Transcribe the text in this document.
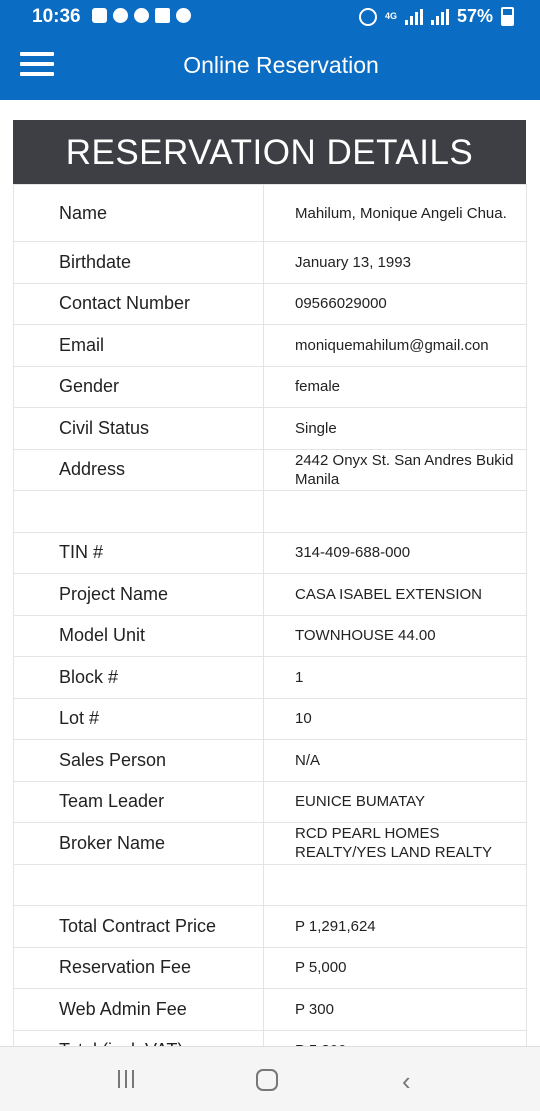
10:36	4G	57%
Online Reservation
RESERVATION DETAILS
Name	Mahilum, Monique Angeli Chua.
Birthdate	January 13, 1993
Contact Number	09566029000
Email	moniquemahilum@gmail.con
Gender	female
Civil Status	Single
Address	2442 Onyx St. San Andres Bukid Manila

TIN #	314-409-688-000
Project Name	CASA ISABEL EXTENSION
Model Unit	TOWNHOUSE 44.00
Block #	1
Lot #	10
Sales Person	N/A
Team Leader	EUNICE BUMATAY
Broker Name	RCD PEARL HOMES REALTY/YES LAND REALTY

Total Contract Price	P 1,291,624
Reservation Fee	P 5,000
Web Admin Fee	P 300

‹
